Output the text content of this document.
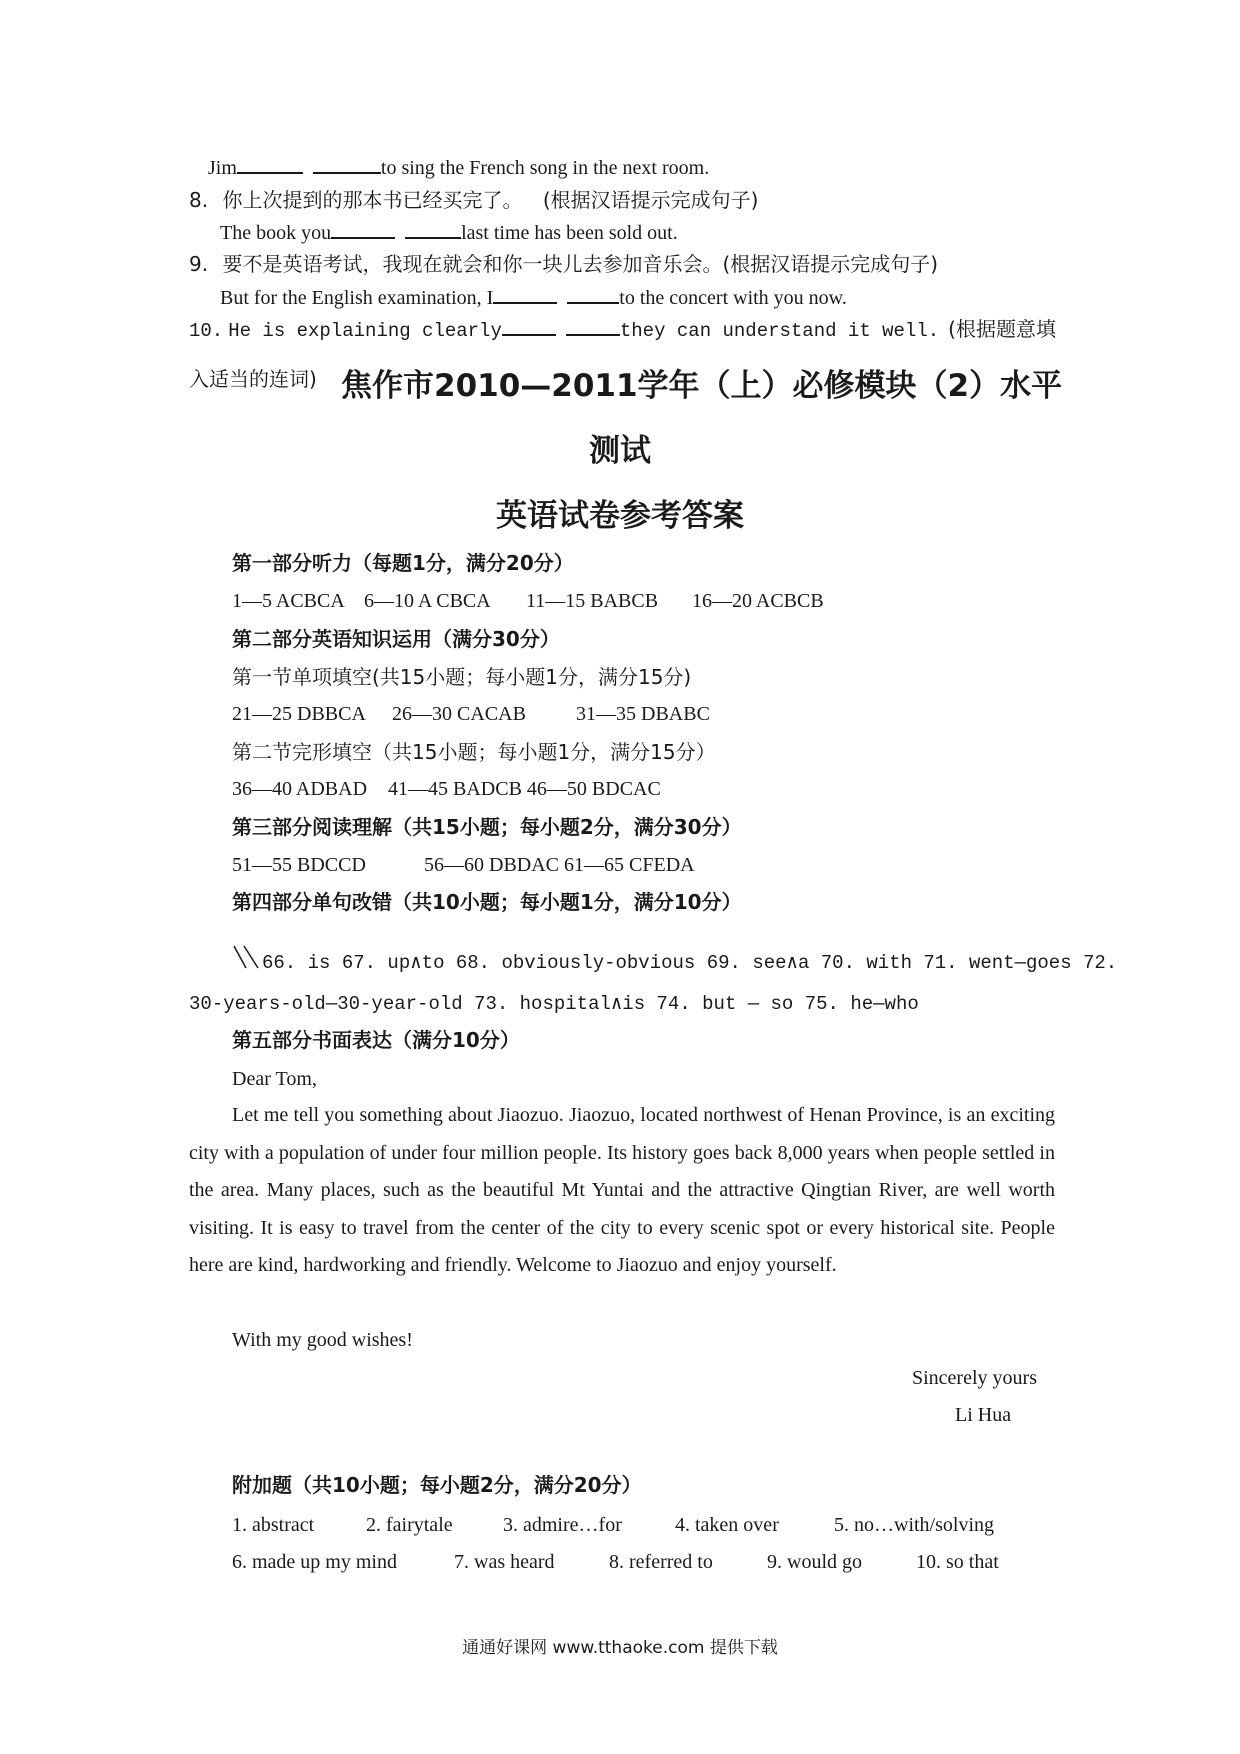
Jim	to sing the French song in the next room.
8. 你上次提到的那本书已经买完了。 (根据汉语提示完成句子)
The book you	last time has been sold out.
9. 要不是英语考试，我现在就会和你一块儿去参加音乐会。(根据汉语提示完成句子)
But for the English examination, I	to the concert with you now.
10. He is explaining clearly	they can understand it well. (根据题意填
入适当的连词) 焦作市2010—2011学年（上）必修模块（2）水平
测试
英语试卷参考答案
第一部分听力（每题1分，满分20分）
1—5 ACBCA 6—10 A CBCA 11—15 BABCB 16—20 ACBCB
第二部分英语知识运用（满分30分）
第一节单项填空(共15小题；每小题1分，满分15分)
21—25 DBBCA 26—30 CACAB	31—35 DBABC
第二节完形填空（共15小题；每小题1分，满分15分）
36—40 ADBAD 41—45 BADCB 46—50 BDCAC
第三部分阅读理解（共15小题；每小题2分，满分30分）
51—55 BDCCD	56—60 DBDAC 61—65 CFEDA
第四部分单句改错（共10小题；每小题1分，满分10分）
66. is 67. up∧to 68. obviously-obvious 69. see∧a 70. with 71. went—goes 72.
30-years-old—30-year-old 73. hospital∧is 74. but — so 75. he—who
第五部分书面表达（满分10分）
Dear Tom,

Let me tell you something about Jiaozuo. Jiaozuo, located northwest of Henan Province, is an exciting city with a population of under four million people. Its history goes back 8,000 years when people settled in the area. Many places, such as the beautiful Mt Yuntai and the attractive Qingtian River, are well worth visiting. It is easy to travel from the center of the city to every scenic spot or every historical site. People here are kind, hardworking and friendly. Welcome to Jiaozuo and enjoy yourself.

With my good wishes!
Sincerely yours
Li Hua
附加题（共10小题；每小题2分，满分20分）
1. abstract	2. fairytale	3. admire…for	4. taken over	5. no…with/solving
6. made up my mind	7. was heard	8. referred to	9. would go	10. so that
通通好课网 www.tthaoke.com 提供下载
